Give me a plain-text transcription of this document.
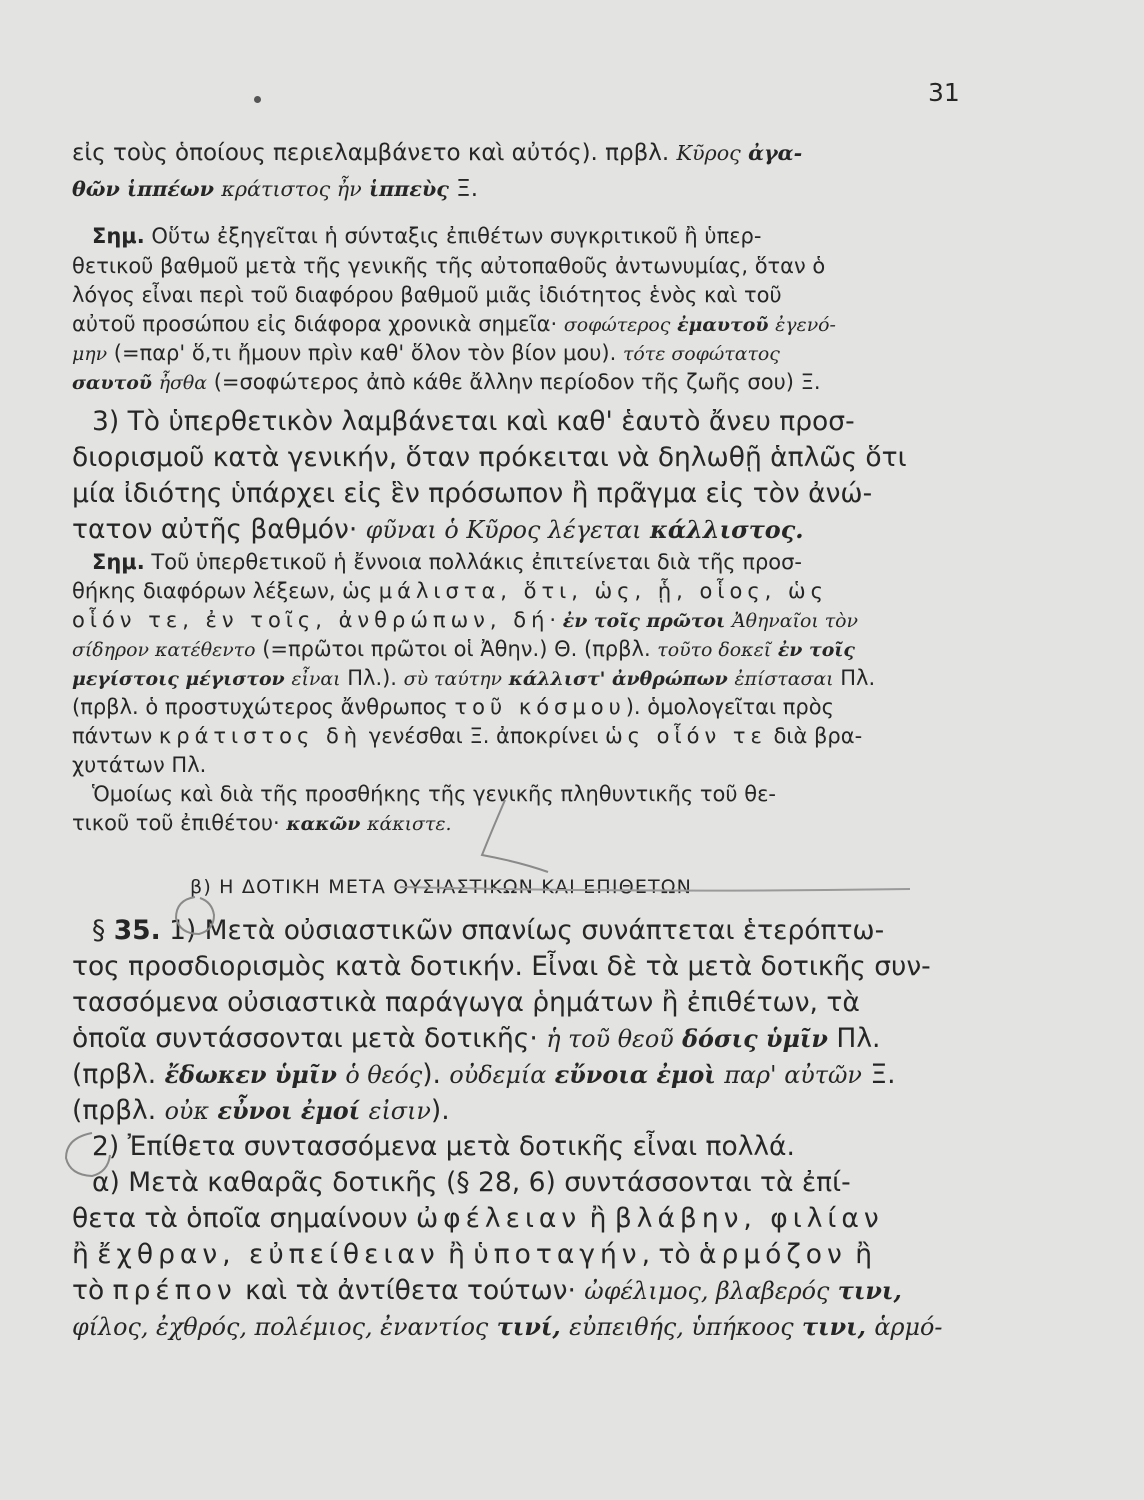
31
εἰς τοὺς ὁποίους περιελαμβάνετο καὶ αὐτός). πρβλ. Κῦρος ἀγα-
θῶν ἱππέων κράτιστος ἦν ἱππεὺς Ξ.
Σημ. Οὕτω ἐξηγεῖται ἡ σύνταξις ἐπιθέτων συγκριτικοῦ ἢ ὑπερ-
θετικοῦ βαθμοῦ μετὰ τῆς γενικῆς τῆς αὐτοπαθοῦς ἀντωνυμίας, ὅταν ὁ
λόγος εἶναι περὶ τοῦ διαφόρου βαθμοῦ μιᾶς ἰδιότητος ἑνὸς καὶ τοῦ
αὐτοῦ προσώπου εἰς διάφορα χρονικὰ σημεῖα· σοφώτερος ἐμαυτοῦ ἐγενό-
μην (=παρ' ὅ,τι ἤμουν πρὶν καθ' ὅλον τὸν βίον μου). τότε σοφώτατος
σαυτοῦ ἦσθα (=σοφώτερος ἀπὸ κάθε ἄλλην περίοδον τῆς ζωῆς σου) Ξ.
3) Τὸ ὑπερθετικὸν λαμβάνεται καὶ καθ' ἑαυτὸ ἄνευ προσ-
διορισμοῦ κατὰ γενικήν, ὅταν πρόκειται νὰ δηλωθῇ ἁπλῶς ὅτι
μία ἰδιότης ὑπάρχει εἰς ἓν πρόσωπον ἢ πρᾶγμα εἰς τὸν ἀνώ-
τατον αὐτῆς βαθμόν· φῦναι ὁ Κῦρος λέγεται κάλλιστος.
Σημ. Τοῦ ὑπερθετικοῦ ἡ ἔννοια πολλάκις ἐπιτείνεται διὰ τῆς προσ-
θήκης διαφόρων λέξεων, ὡς μάλιστα, ὅτι, ὡς, ᾗ, οἷος, ὡς
οἷόν τε, ἐν τοῖς, ἀνθρώπων, δή· ἐν τοῖς πρῶτοι Ἀθηναῖοι τὸν
σίδηρον κατέθεντο (=πρῶτοι πρῶτοι οἱ Ἀθην.) Θ. (πρβλ. τοῦτο δοκεῖ ἐν τοῖς
μεγίστοις μέγιστον εἶναι Πλ.). σὺ ταύτην κάλλιστ' ἀνθρώπων ἐπίστασαι Πλ.
(πρβλ. ὁ προστυχώτερος ἄνθρωπος τοῦ κόσμου). ὁμολογεῖται πρὸς
πάντων κράτιστος δὴ γενέσθαι Ξ. ἀποκρίνει ὡς οἷόν τε διὰ βρα-
χυτάτων Πλ.
Ὁμοίως καὶ διὰ τῆς προσθήκης τῆς γενικῆς πληθυντικῆς τοῦ θε-
τικοῦ τοῦ ἐπιθέτου· κακῶν κάκιστε.
β) Η ΔΟΤΙΚΗ ΜΕΤΑ ΟΥΣΙΑΣΤΙΚΩΝ ΚΑΙ ΕΠΙΘΕΤΩΝ
§ 35. 1) Μετὰ οὐσιαστικῶν σπανίως συνάπτεται ἑτερόπτω-
τος προσδιορισμὸς κατὰ δοτικήν. Εἶναι δὲ τὰ μετὰ δοτικῆς συν-
τασσόμενα οὐσιαστικὰ παράγωγα ῥημάτων ἢ ἐπιθέτων, τὰ
ὁποῖα συντάσσονται μετὰ δοτικῆς· ἡ τοῦ θεοῦ δόσις ὑμῖν Πλ.
(πρβλ. ἔδωκεν ὑμῖν ὁ θεός). οὐδεμία εὔνοια ἐμοὶ παρ' αὐτῶν Ξ.
(πρβλ. οὐκ εὖνοι ἐμοί εἰσιν).
2) Ἐπίθετα συντασσόμενα μετὰ δοτικῆς εἶναι πολλά.
α) Μετὰ καθαρᾶς δοτικῆς (§ 28, 6) συντάσσονται τὰ ἐπί-
θετα τὰ ὁποῖα σημαίνουν ὠφέλειαν ἢ βλάβην, φιλίαν
ἢ ἔχθραν, εὐπείθειαν ἢ ὑποταγήν, τὸ ἁρμόζον ἢ
τὸ πρέπον καὶ τὰ ἀντίθετα τούτων· ὠφέλιμος, βλαβερός τινι,
φίλος, ἐχθρός, πολέμιος, ἐναντίος τινί, εὐπειθής, ὑπήκοος τινι, ἁρμό-
